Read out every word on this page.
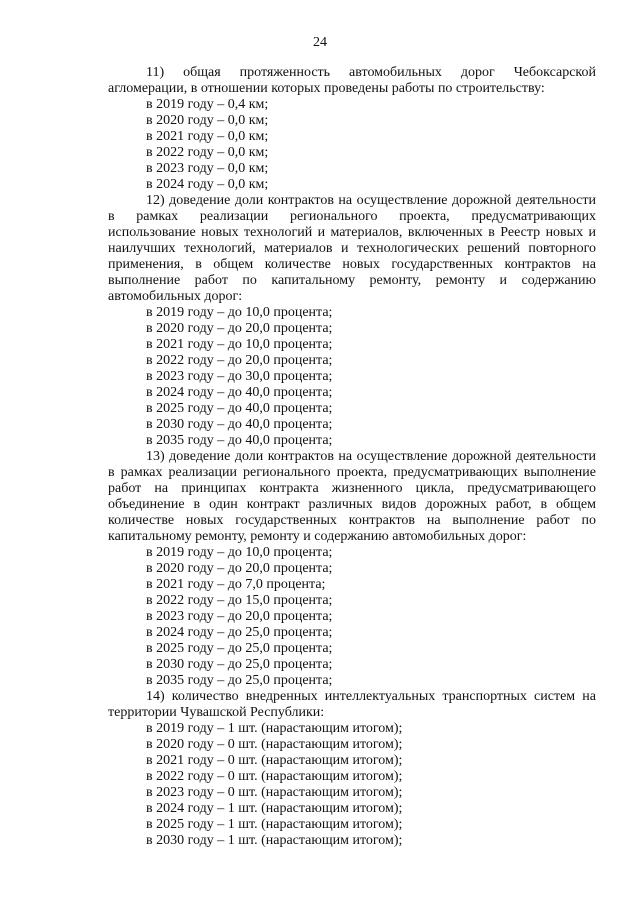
24

11) общая протяженность автомобильных дорог Чебоксарской агломерации, в отношении которых проведены работы по строительству:

в 2019 году – 0,4 км;

в 2020 году – 0,0 км;

в 2021 году – 0,0 км;

в 2022 году – 0,0 км;

в 2023 году – 0,0 км;

в 2024 году – 0,0 км;

12) доведение доли контрактов на осуществление дорожной деятельности в рамках реализации регионального проекта, предусматривающих использование новых технологий и материалов, включенных в Реестр новых и наилучших технологий, материалов и технологических решений повторного применения, в общем количестве новых государственных контрактов на выполнение работ по капитальному ремонту, ремонту и содержанию автомобильных дорог:

в 2019 году – до 10,0 процента;

в 2020 году – до 20,0 процента;

в 2021 году – до 10,0 процента;

в 2022 году – до 20,0 процента;

в 2023 году – до 30,0 процента;

в 2024 году – до 40,0 процента;

в 2025 году – до 40,0 процента;

в 2030 году – до 40,0 процента;

в 2035 году – до 40,0 процента;

13) доведение доли контрактов на осуществление дорожной деятельности в рамках реализации регионального проекта, предусматривающих выполнение работ на принципах контракта жизненного цикла, предусматривающего объединение в один контракт различных видов дорожных работ, в общем количестве новых государственных контрактов на выполнение работ по капитальному ремонту, ремонту и содержанию автомобильных дорог:

в 2019 году – до 10,0 процента;

в 2020 году – до 20,0 процента;

в 2021 году – до 7,0 процента;

в 2022 году – до 15,0 процента;

в 2023 году – до 20,0 процента;

в 2024 году – до 25,0 процента;

в 2025 году – до 25,0 процента;

в 2030 году – до 25,0 процента;

в 2035 году – до 25,0 процента;

14) количество внедренных интеллектуальных транспортных систем на территории Чувашской Республики:

в 2019 году – 1 шт. (нарастающим итогом);

в 2020 году – 0 шт. (нарастающим итогом);

в 2021 году – 0 шт. (нарастающим итогом);

в 2022 году – 0 шт. (нарастающим итогом);

в 2023 году – 0 шт. (нарастающим итогом);

в 2024 году – 1 шт. (нарастающим итогом);

в 2025 году – 1 шт. (нарастающим итогом);

в 2030 году – 1 шт. (нарастающим итогом);
